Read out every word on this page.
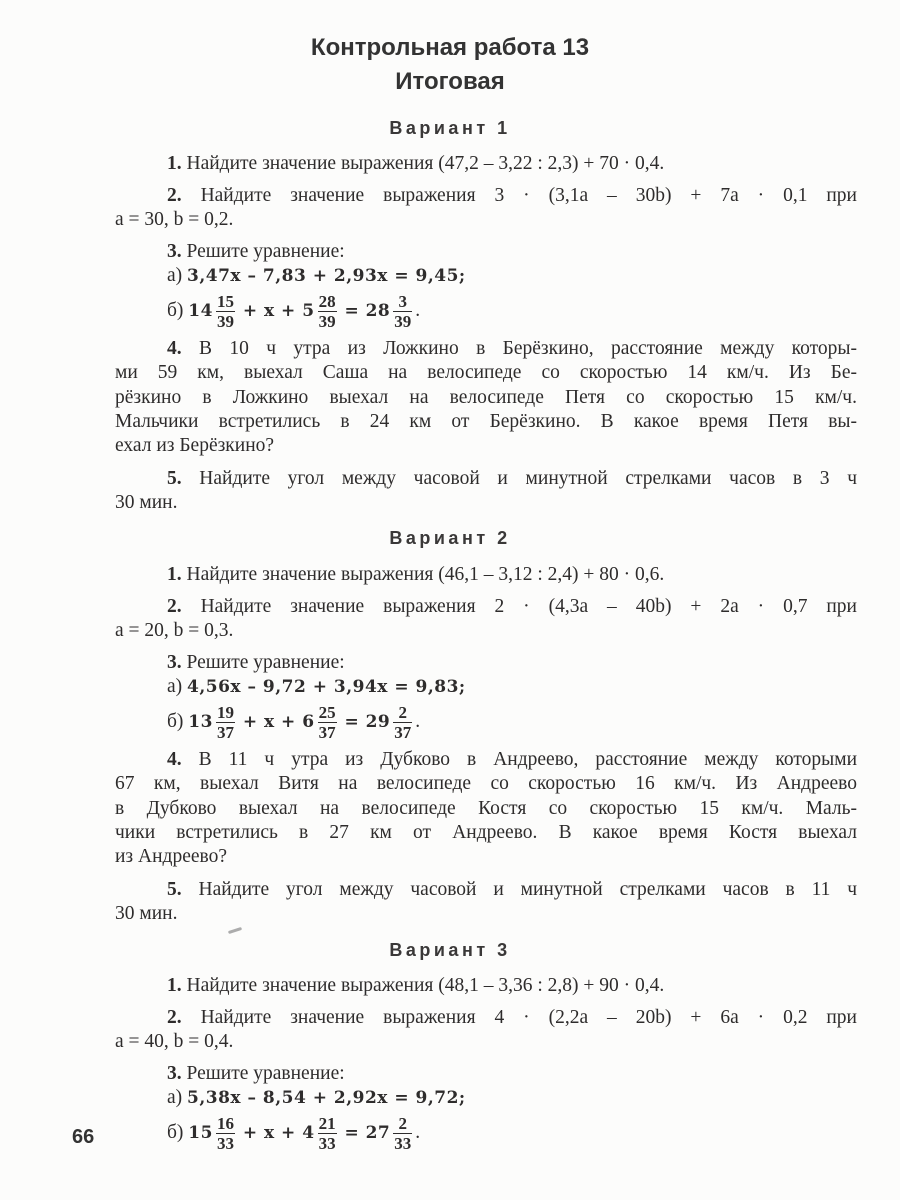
Контрольная работа 13
Итоговая
Вариант 1
1. Найдите значение выражения (47,2 – 3,22 : 2,3) + 70 · 0,4.
2. Найдите значение выражения 3 · (3,1a – 30b) + 7a · 0,1 при
a = 30, b = 0,2.
3. Решите уравнение:
а) 3,47x – 7,83 + 2,93x = 9,45;
б) $14 \frac{15}{39} + x + 5 \frac{28}{39} = 28 \frac{3}{39}$ .
4. В 10 ч утра из Ложкино в Берёзкино, расстояние между которы-
ми 59 км, выехал Саша на велосипеде со скоростью 14 км/ч. Из Бе-
рёзкино в Ложкино выехал на велосипеде Петя со скоростью 15 км/ч.
Мальчики встретились в 24 км от Берёзкино. В какое время Петя вы-
ехал из Берёзкино?
5. Найдите угол между часовой и минутной стрелками часов в 3 ч
30 мин.
Вариант 2
1. Найдите значение выражения (46,1 – 3,12 : 2,4) + 80 · 0,6.
2. Найдите значение выражения 2 · (4,3a – 40b) + 2a · 0,7 при
a = 20, b = 0,3.
3. Решите уравнение:
а) 4,56x – 9,72 + 3,94x = 9,83;
б) $13 \frac{19}{37} + x + 6 \frac{25}{37} = 29 \frac{2}{37}$ .
4. В 11 ч утра из Дубково в Андреево, расстояние между которыми
67 км, выехал Витя на велосипеде со скоростью 16 км/ч. Из Андреево
в Дубково выехал на велосипеде Костя со скоростью 15 км/ч. Маль-
чики встретились в 27 км от Андреево. В какое время Костя выехал
из Андреево?
5. Найдите угол между часовой и минутной стрелками часов в 11 ч
30 мин.
Вариант 3
1. Найдите значение выражения (48,1 – 3,36 : 2,8) + 90 · 0,4.
2. Найдите значение выражения 4 · (2,2a – 20b) + 6a · 0,2 при
a = 40, b = 0,4.
3. Решите уравнение:
а) 5,38x – 8,54 + 2,92x = 9,72;
б) $15 \frac{16}{33} + x + 4 \frac{21}{33} = 27 \frac{2}{33}$ .
66
